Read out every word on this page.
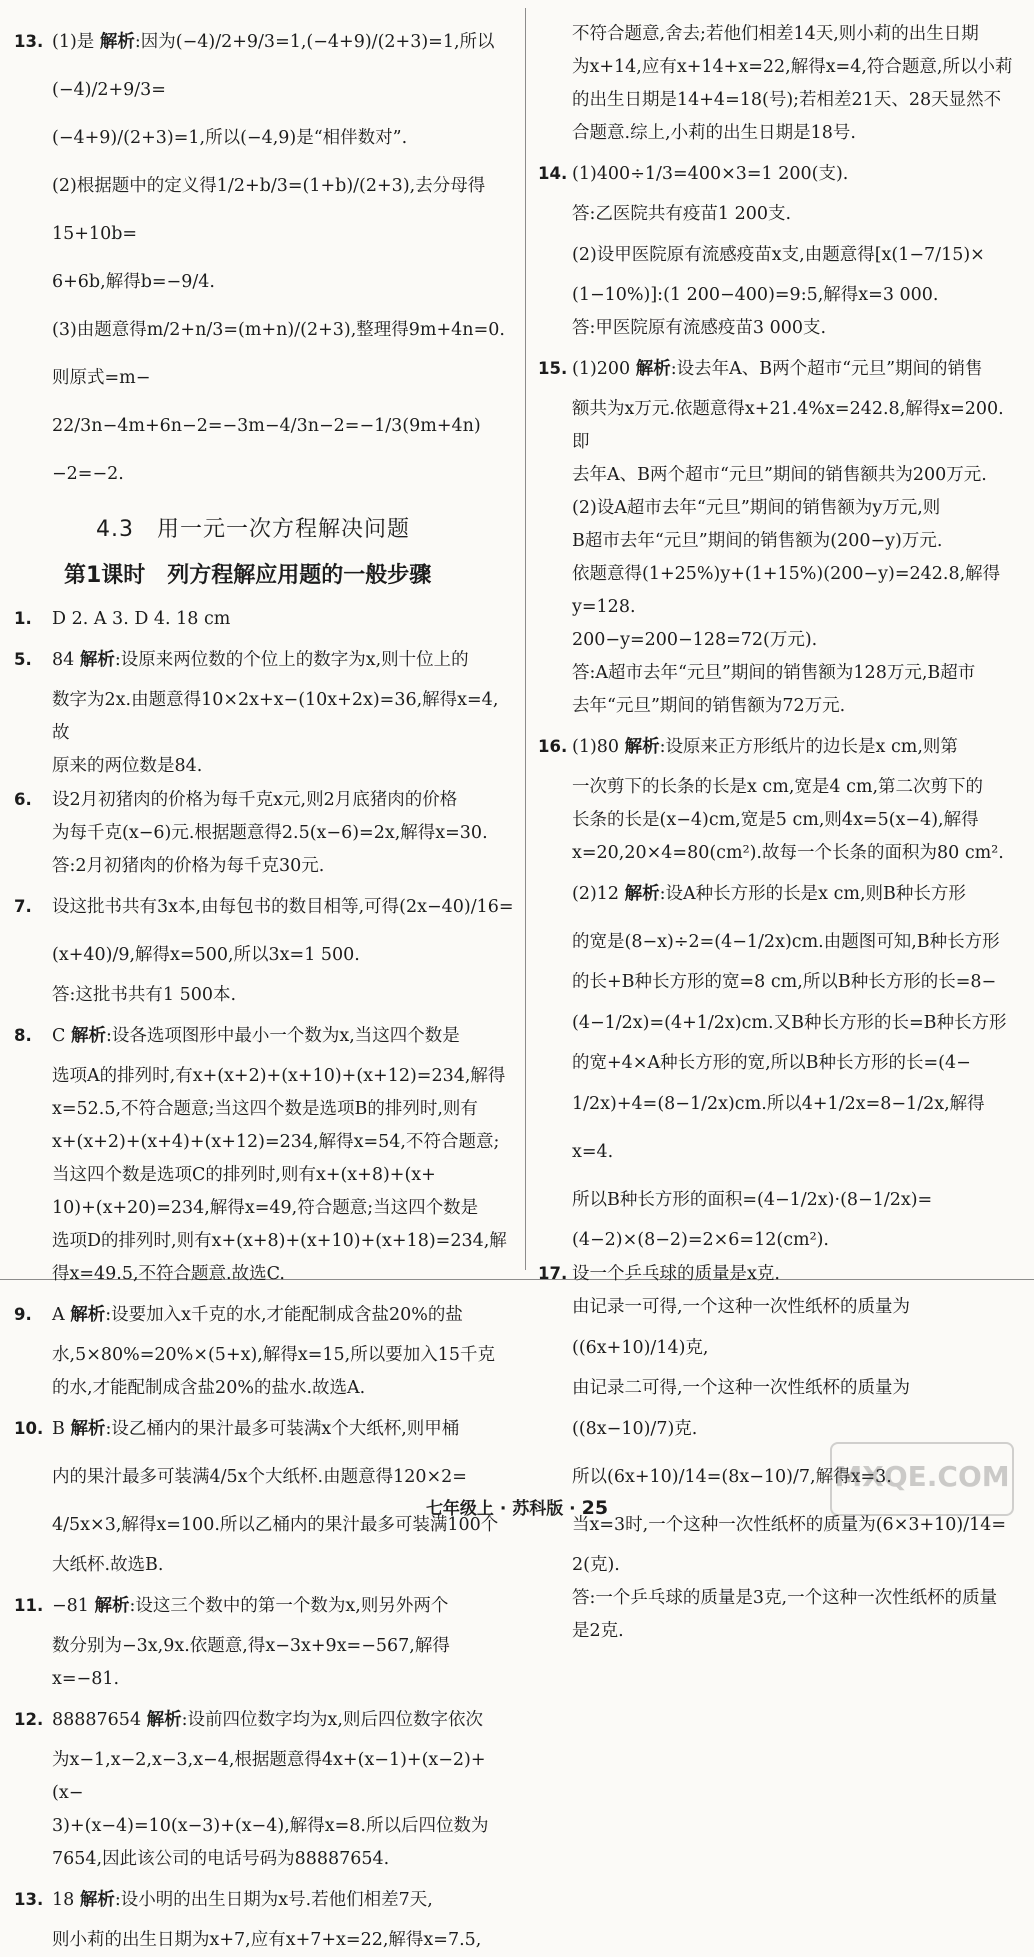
13. (1)是 解析:因为(−4)/2+9/3=1,(−4+9)/(2+3)=1,所以(−4)/2+9/3=
(−4+9)/(2+3)=1,所以(−4,9)是“相伴数对”.
(2)根据题中的定义得1/2+b/3=(1+b)/(2+3),去分母得15+10b=
6+6b,解得b=−9/4.
(3)由题意得m/2+n/3=(m+n)/(2+3),整理得9m+4n=0.则原式=m−
22/3n−4m+6n−2=−3m−4/3n−2=−1/3(9m+4n)−2=−2.
4.3　用一元一次方程解决问题
第1课时　列方程解应用题的一般步骤
1.	D 2. A 3. D 4. 18 cm
5.	84 解析:设原来两位数的个位上的数字为x,则十位上的
数字为2x.由题意得10×2x+x−(10x+2x)=36,解得x=4,故
原来的两位数是84.
6.	设2月初猪肉的价格为每千克x元,则2月底猪肉的价格
为每千克(x−6)元.根据题意得2.5(x−6)=2x,解得x=30.
答:2月初猪肉的价格为每千克30元.
7.	设这批书共有3x本,由每包书的数目相等,可得(2x−40)/16=
(x+40)/9,解得x=500,所以3x=1 500.
答:这批书共有1 500本.
8.	C 解析:设各选项图形中最小一个数为x,当这四个数是
选项A的排列时,有x+(x+2)+(x+10)+(x+12)=234,解得
x=52.5,不符合题意;当这四个数是选项B的排列时,则有
x+(x+2)+(x+4)+(x+12)=234,解得x=54,不符合题意;
当这四个数是选项C的排列时,则有x+(x+8)+(x+
10)+(x+20)=234,解得x=49,符合题意;当这四个数是
选项D的排列时,则有x+(x+8)+(x+10)+(x+18)=234,解
得x=49.5,不符合题意.故选C.
9.	A 解析:设要加入x千克的水,才能配制成含盐20%的盐
水,5×80%=20%×(5+x),解得x=15,所以要加入15千克
的水,才能配制成含盐20%的盐水.故选A.
10. B 解析:设乙桶内的果汁最多可装满x个大纸杯,则甲桶
内的果汁最多可装满4/5x个大纸杯.由题意得120×2=
4/5x×3,解得x=100.所以乙桶内的果汁最多可装满100个
大纸杯.故选B.
11. −81 解析:设这三个数中的第一个数为x,则另外两个
数分别为−3x,9x.依题意,得x−3x+9x=−567,解得x=−81.
12. 88887654 解析:设前四位数字均为x,则后四位数字依次
为x−1,x−2,x−3,x−4,根据题意得4x+(x−1)+(x−2)+(x−
3)+(x−4)=10(x−3)+(x−4),解得x=8.所以后四位数为
7654,因此该公司的电话号码为88887654.
13. 18 解析:设小明的出生日期为x号.若他们相差7天,
则小莉的出生日期为x+7,应有x+7+x=22,解得x=7.5,
不符合题意,舍去;若他们相差14天,则小莉的出生日期
为x+14,应有x+14+x=22,解得x=4,符合题意,所以小莉
的出生日期是14+4=18(号);若相差21天、28天显然不
合题意.综上,小莉的出生日期是18号.
14. (1)400÷1/3=400×3=1 200(支).
答:乙医院共有疫苗1 200支.
(2)设甲医院原有流感疫苗x支,由题意得[x(1−7/15)×
(1−10%)]:(1 200−400)=9:5,解得x=3 000.
答:甲医院原有流感疫苗3 000支.
15. (1)200 解析:设去年A、B两个超市“元旦”期间的销售
额共为x万元.依题意得x+21.4%x=242.8,解得x=200.即
去年A、B两个超市“元旦”期间的销售额共为200万元.
(2)设A超市去年“元旦”期间的销售额为y万元,则
B超市去年“元旦”期间的销售额为(200−y)万元.
依题意得(1+25%)y+(1+15%)(200−y)=242.8,解得
y=128.
200−y=200−128=72(万元).
答:A超市去年“元旦”期间的销售额为128万元,B超市
去年“元旦”期间的销售额为72万元.
16. (1)80 解析:设原来正方形纸片的边长是x cm,则第
一次剪下的长条的长是x cm,宽是4 cm,第二次剪下的
长条的长是(x−4)cm,宽是5 cm,则4x=5(x−4),解得
x=20,20×4=80(cm²).故每一个长条的面积为80 cm².
(2)12 解析:设A种长方形的长是x cm,则B种长方形
的宽是(8−x)÷2=(4−1/2x)cm.由题图可知,B种长方形
的长+B种长方形的宽=8 cm,所以B种长方形的长=8−
(4−1/2x)=(4+1/2x)cm.又B种长方形的长=B种长方形
的宽+4×A种长方形的宽,所以B种长方形的长=(4−
1/2x)+4=(8−1/2x)cm.所以4+1/2x=8−1/2x,解得x=4.
所以B种长方形的面积=(4−1/2x)·(8−1/2x)=
(4−2)×(8−2)=2×6=12(cm²).
17. 设一个乒乓球的质量是x克.
由记录一可得,一个这种一次性纸杯的质量为
((6x+10)/14)克,
由记录二可得,一个这种一次性纸杯的质量为
((8x−10)/7)克.
所以(6x+10)/14=(8x−10)/7,解得x=3.
当x=3时,一个这种一次性纸杯的质量为(6×3+10)/14=
2(克).
答:一个乒乓球的质量是3克,一个这种一次性纸杯的质量
是2克.
七年级上 · 苏科版 · 25
MXQE.COM
